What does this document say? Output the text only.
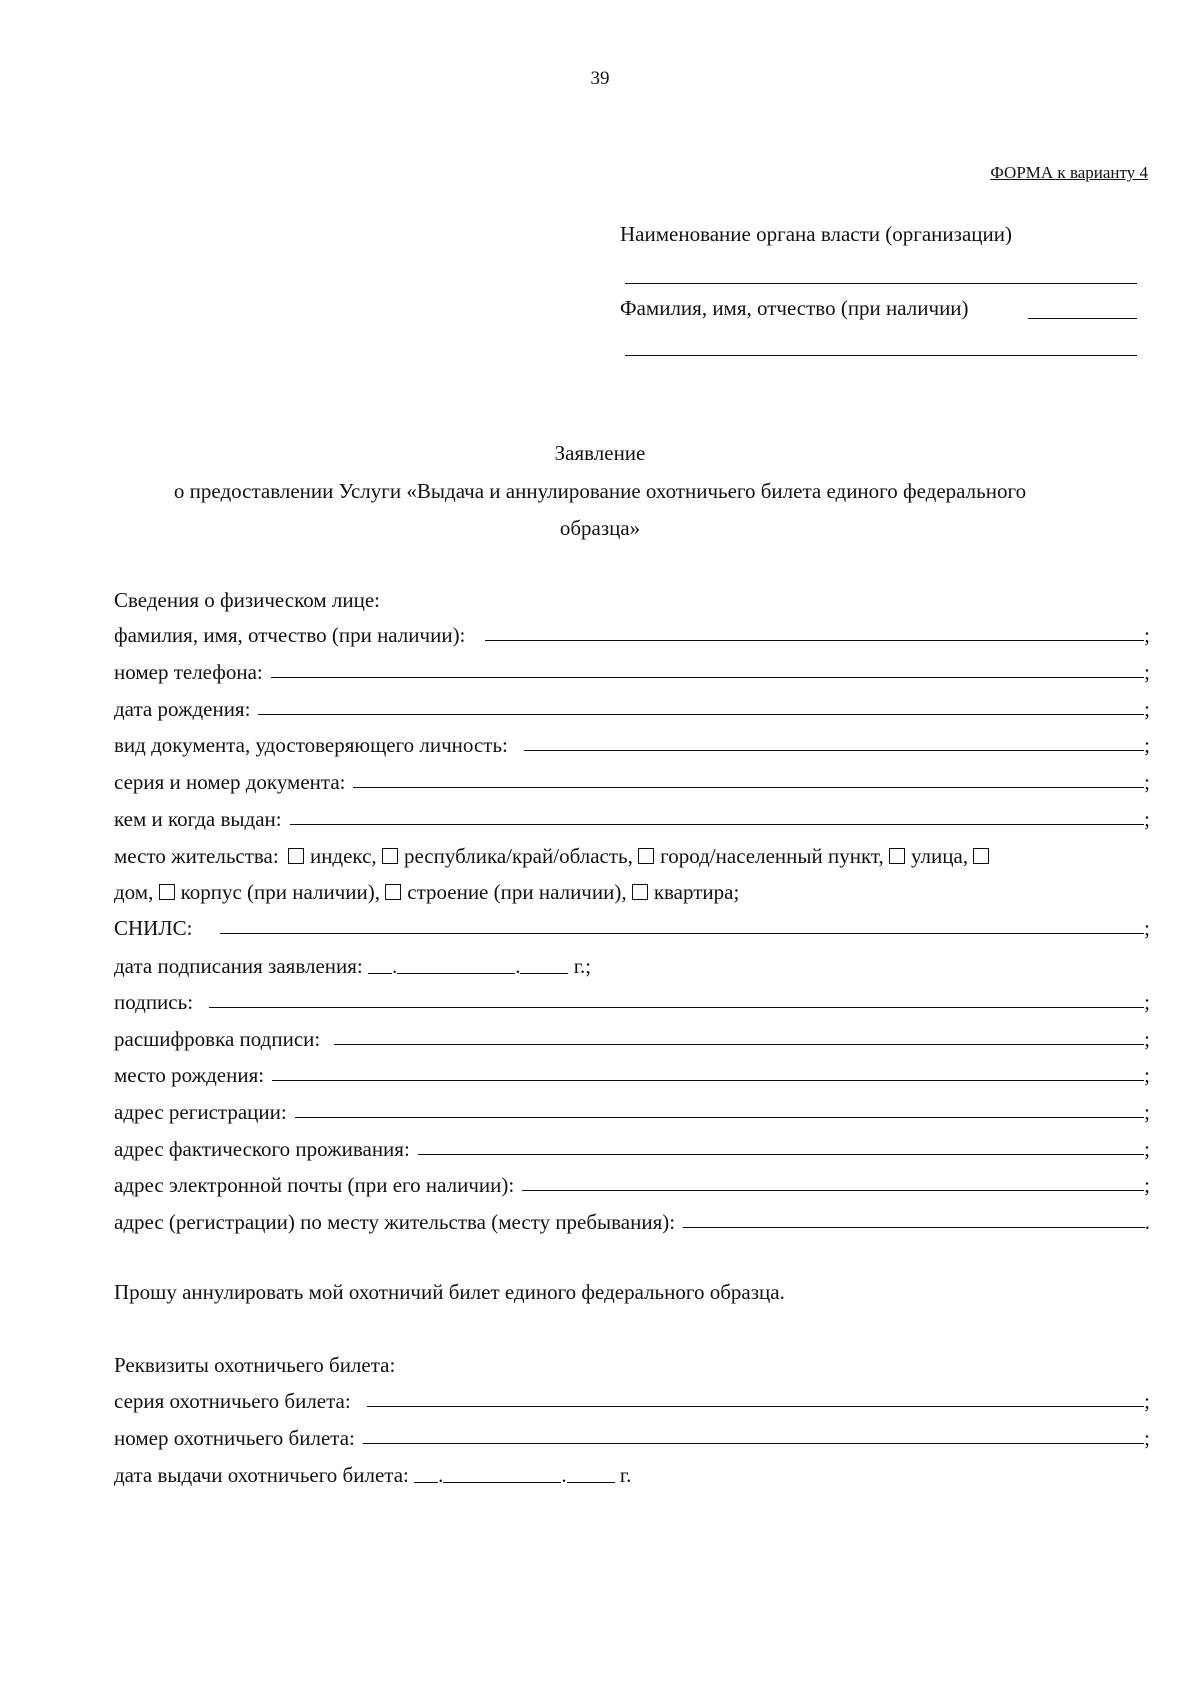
39
ФОРМА к варианту 4
Наименование органа власти (организации)
Фамилия, имя, отчество (при наличии)
Заявление
о предоставлении Услуги «Выдача и аннулирование охотничьего билета единого федерального
образца»
Сведения о физическом лице:
фамилия, имя, отчество (при наличии):	;
номер телефона:	;
дата рождения:	;
вид документа, удостоверяющего личность:	;
серия и номер документа:	;
кем и когда выдан:	;
место жительства: индекс, республика/край/область, город/населенный пункт, улица,
дом, корпус (при наличии), строение (при наличии), квартира;
СНИЛС:	;
дата подписания заявления: .	.	г.;
подпись:	;
расшифровка подписи:	;
место рождения:	;
адрес регистрации:	;
адрес фактического проживания:	;
адрес электронной почты (при его наличии):	;
адрес (регистрации) по месту жительства (месту пребывания):	.
Прошу аннулировать мой охотничий билет единого федерального образца.
Реквизиты охотничьего билета:
серия охотничьего билета:	;
номер охотничьего билета:	;
дата выдачи охотничьего билета: .	.	г.
